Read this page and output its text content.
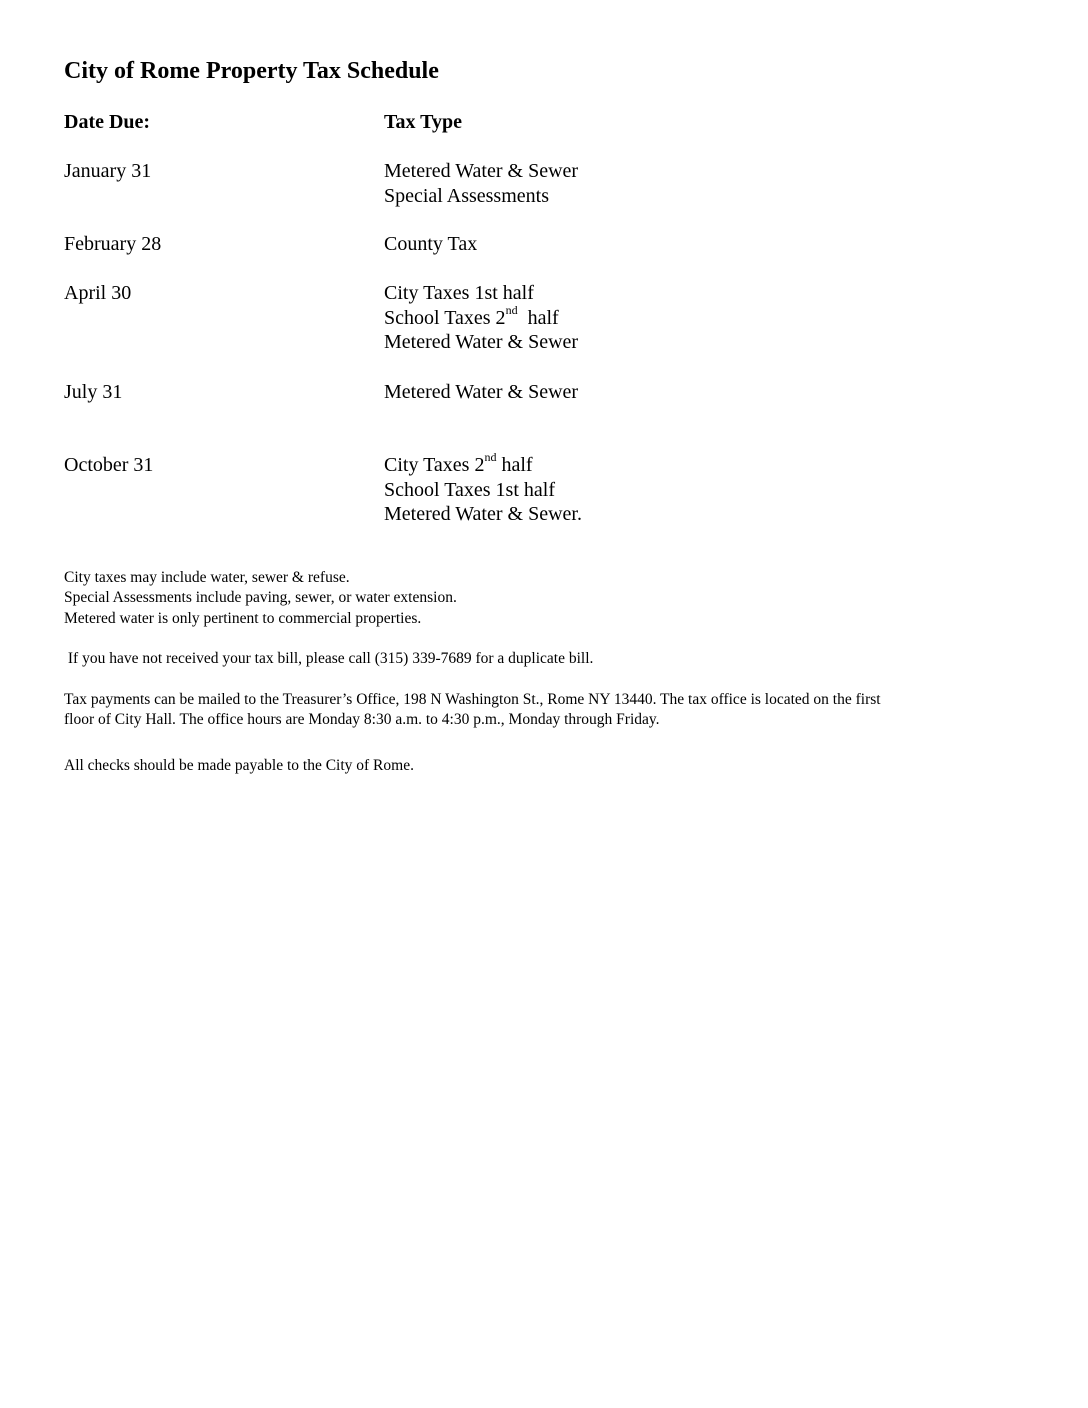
City of Rome Property Tax Schedule
Date Due:	Tax Type
January 31	Metered Water & Sewer
Special Assessments
February 28	County Tax
April 30	City Taxes 1st half
School Taxes 2nd  half
Metered Water & Sewer
July 31	Metered Water & Sewer
October 31	City Taxes 2nd half
School Taxes 1st half
Metered Water & Sewer.
City taxes may include water, sewer & refuse.
Special Assessments include paving, sewer, or water extension.
Metered water is only pertinent to commercial properties.
If you have not received your tax bill, please call (315) 339-7689 for a duplicate bill.
Tax payments can be mailed to the Treasurer’s Office, 198 N Washington St., Rome NY 13440. The tax office is located on the first
floor of City Hall. The office hours are Monday 8:30 a.m. to 4:30 p.m., Monday through Friday.
All checks should be made payable to the City of Rome.
